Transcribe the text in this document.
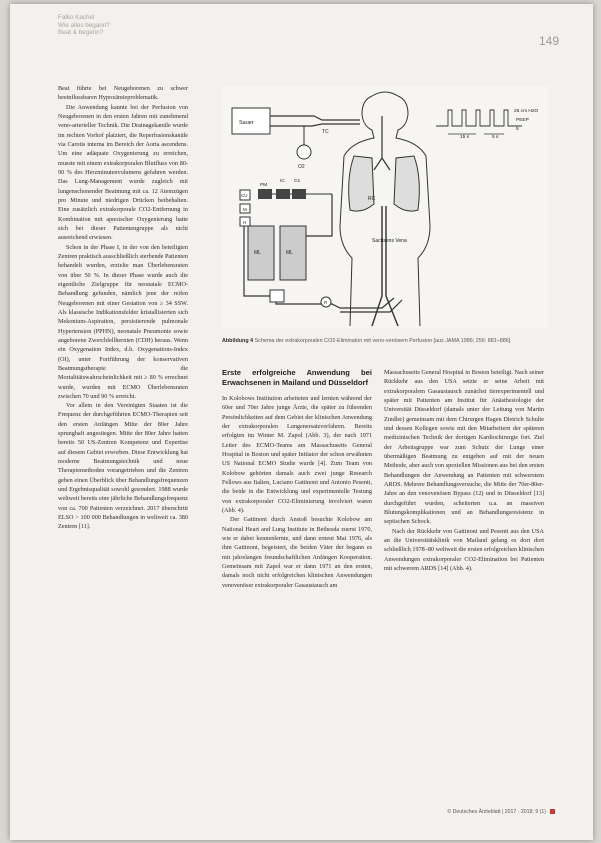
Falko Kachel
Wie alles begann?
Beat & begann?
149

Beat führte bei Neugeborenen zu schwer beeinflussbaren Hypoxämieproblematik.

Die Anwendung kannte bei der Perfusion von Neugeborenen in den ersten Jahren mit zunehmend veno-arterieller Technik. Die Drainagekanüle wurde im rechten Vorhof platziert, die Reperfusionskanüle via Carotis interna im Bereich der Aorta ascendens. Um eine adäquate Oxygenierung zu erreichen, musste mit einem extrakorporalen Blutfluss von 80-90 % des Herzminutenvolumens gefahren werden. Das Lung-Management wurde zugleich mit lungenschonender Beatmung mit ca. 12 Atemzügen pro Minute und niedrigen Drücken beibehalten. Eine zusätzlich extrakorporale CO2-Entfernung in Kombination mit apnoischer Oxygenierung hatte sich bei dieser Patientengruppe als nicht ausreichend erwiesen.

Schon in der Phase I, in der von den beteiligten Zentren praktisch ausschließlich sterbende Patienten behandelt wurden, erzielte man Überlebensraten von über 50 %. In dieser Phase wurde auch die eigentliche Zielgruppe für neonatale ECMO-Behandlung gefunden, nämlich jene der reifen Neugeborenen mit einer Gestation von ≥ 34 SSW. Als klassische Indikationsfelder kristallisierten sich Mekonium-Aspiration, persistierende pulmonale Hypertension (PPHN), neonatale Pneumonie sowie angeborene Zwerchfellhernien (CDH) heraus. Wenn ein Oxygenation Index, d.h. Oxygenations-Index (OI), unter Fortführung der konservativen Beatmungstherapie die Mortalitätswahrscheinlichkeit mit ≥ 80 % errechnet wurde, wurden mit ECMO Überlebensraten zwischen 70 und 90 % erreicht.

Vor allem in den Vereinigten Staaten ist die Frequenz der durchgeführten ECMO-Therapien seit den ersten Anfängen Mitte der 80er Jahre sprunghaft angestiegen. Mitte der 80er Jahre hatten bereits 50 US-Zentren Kompetenz und Expertise auf diesem Gebiet erworben. Diese Entwicklung hat moderne Beatmungstechnik und neue Therapiemethoden vorangetrieben und die Zentren geben einen Überblick über Behandlungsfrequenzen und Ergebnisqualität sowohl gesondert. 1988 wurde weltweit bereits eine jährliche Behandlungsfrequenz von ca. 700 Patienten verzeichnet. 2017 überschritt ELSO > 100 000 Behandlungen in weltweit ca. 380 Zentren [11].

Sauer
TC
O2
PM
IC Cs
CU
M
H
ML	ML
R
RC
Sachsens Vena
25 cm H2O
PEEP
5
15 s	5 s
Abbildung 4 Schema der extrakorporalen CO2-Eliminaton mit veno-venösem Perfusion [aus JAMA 1986; 256: 881–886]
Erste erfolgreiche Anwendung bei Erwachsenen in Mailand und Düsseldorf

In Kolobows Institution arbeiteten und lernten während der 60er und 70er Jahre junge Ärzte, die später zu führenden Persönlichkeiten auf dem Gebiet der klinischen Anwendung der extrakorporalen Lungenersatzverfahren. Bereits erfolgten im Winter M. Zapol (Abb. 3), der nach 1971 Leiter des ECMO-Teams am Massachusetts General Hospital in Boston und später Initiator der schon erwähnten US National ECMO Studie wurde [4]. Zum Team von Kolobow gehörten damals auch zwei junge Research Fellows aus Italien, Luciano Gattinoni und Antonio Pesenti, die beide in die Entwicklung und experimentelle Testung von extrakorporaler CO2-Eliminierung involviert waren (Abb. 4).

Der Gattinoni durch Anstoß besuchte Kolobow am National Heart and Lung Institute in Bethesda zuerst 1970, wie er dabei kennenlernte, und dann erneut Mai 1976, als ihm Gattinoni, begeistert, die beiden Väter der begann es mit jahrelangen freundschaftlichen Anfängen Kooperation. Gemeinsam mit Zapol war er dann 1971 an den ersten, damals noch nicht erfolgreichen klinischen Anwendungen venovenöser extrakorporaler Gasaustausch am

Massachusetts General Hospital in Boston beteiligt. Nach seiner Rückkehr aus den USA setzte er seine Arbeit mit extrakorporalem Gasaustausch zunächst tierexperimentell und später mit Patienten am Institut für Anästhesiologie der Universität Düsseldorf (damals unter der Leitung von Martin Zindler) gemeinsam mit dem Chirurgen Hagen Dietrich Schulte und dessen Kollegen sowie mit den Mitarbeitern der späteren medizinischen Technik der dortigen Kardiochirurgie fort. Ziel der Arbeitsgruppe war zum Schutz der Lunge einer übermäßigen Beatmung zu entgehen auf mit der neuen Methode, aber auch von speziellen Missionen aus bei den ersten Behandlungen der Anwendung an Patienten mit schwerstem ARDS. Mehrere Behandlungsversuche, die Mitte der 70er-80er-Jahre an den venovenösen Bypass (12) und in Düsseldorf [13] durchgeführt wurden, scheiterten u.a. an massiven Blutungskomplikationen und an Behandlungsresistenz in septischen Schock.

Nach der Rückkehr von Gattinoni und Pesenti aus den USA an die Universitätsklinik von Mailand gelang es dort dort schließlich 1978–80 weltweit die ersten erfolgreichen klinischen Anwendungen extrakorporaler CO2-Elimination bei Patienten mit schwerem ARDS [14] (Abb. 4).

© Deutsches Ärzteblatt | 2017 · 2018; 9 (1)
